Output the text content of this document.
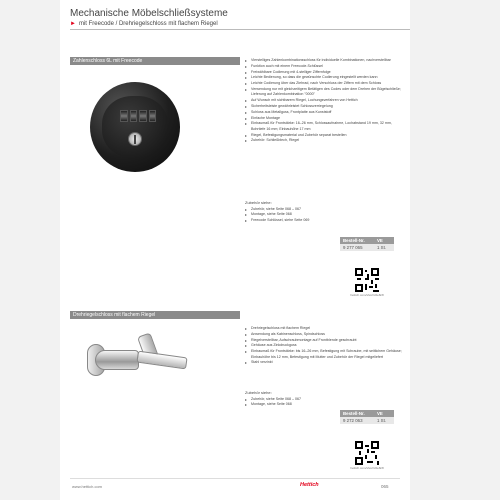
Mechanische Möbelschließsysteme
► mit Freecode / Drehriegelschloss mit flachem Riegel
Zahlenschloss 6L mit Freecode	▸ Vierstelliges Zahlenkombinationsschloss für individuelle Kombinationen, nachverstellbar
▸ Funktion auch mit einem Freecode-Schlüssel
▸ Freiwählbare Codierung mit 4-stelliger Ziffernfolge
▸ Leichte Bedienung, so dass die gewünschte Codierung eingestellt werden kann
▸ Leichte Codierung über das Ziehrad, nach Verschluss der Ziffern mit dem Schloss
▸ Verwendung nur mit gleichzeitigem Betätigen des Codes oder dem Drehen der Bügelschließe; Lieferung auf Zahlenkombination "0000"
▸ Auf Wunsch mit sichtbarem Riegel, Lochungsverfahren von Hettich
▸ Sicherheitsleiste gewährleistet Schlossverriegelung
▸ Schloss aus Metallguss, Frontplatte aus Kunststoff
▸ Einfache Montage
▸ Einbaumaß für Frontstärke: 16–26 mm, Schlossaufnahme, Lochabstand 19 mm, 32 mm, Bohrtiefe 16 mm; Einbauhöhe 17 mm
▸ Riegel, Befestigungsmaterial und Zubehör separat bestellen
▸ Zubehör: Schließblech, Riegel
Zubehör siehe:
▸ Zubehör, siehe Seite 068 – 067
▸ Montage, siehe Seite 068
▸ Freecode Schlüssel, siehe Seite 069
Bestell-Nr.	VE
9 277 065	1 St.
hettich.com/short/c0e8c8
Drehriegelschloss mit flachem Riegel
▸ Drehriegelschloss mit flachem Riegel
▸ Anwendung als Kabinenschloss, Spindschloss
▸ Riegelverstellbar, Aufschraubmontage auf Frontblende geschraubt
▸ Gehäuse aus Zinkdruckguss
▸ Einbaumaß für Frontstärke: bis 16–26 mm, Befestigung mit Schraube, mit seitlichem Gehäuse; Einbauhöhe bis 12 mm, Befestigung mit Mutter und Zubehör der Riegel mitgeliefert
▸ Stahl verzinkt
Zubehör siehe:
▸ Zubehör, siehe Seite 068 – 067
▸ Montage, siehe Seite 068
Bestell-Nr.	VE
9 272 063	1 St.
hettich.com/short/c0e8c8
www.hettich.com	Hettich	065
